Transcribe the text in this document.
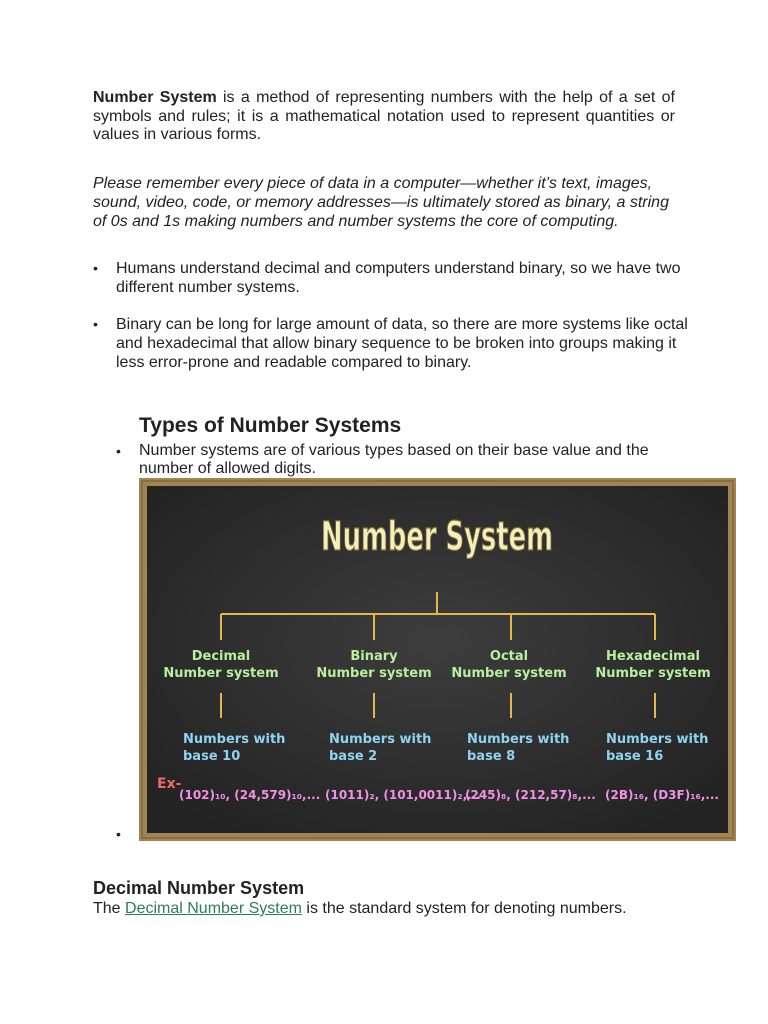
Number System is a method of representing numbers with the help of a set of symbols and rules; it is a mathematical notation used to represent quantities or values in various forms.

Please remember every piece of data in a computer—whether it’s text, images, sound, video, code, or memory addresses—is ultimately stored as binary, a string of 0s and 1s making numbers and number systems the core of computing.

• Humans understand decimal and computers understand binary, so we have two different number systems.
• Binary can be long for large amount of data, so there are more systems like octal and hexadecimal that allow binary sequence to be broken into groups making it less error-prone and readable compared to binary.
Types of Number Systems
• Number systems are of various types based on their base value and the number of allowed digits.
Number System
Decimal
Number system
Binary
Number system
Octal
Number system
Hexadecimal
Number system
Numbers with
base 10
Numbers with
base 2
Numbers with
base 8
Numbers with
base 16
Ex-
(102)₁₀, (24,579)₁₀,... (1011)₂, (101,0011)₂,...
(245)₈, (212,57)₈,... (2B)₁₆, (D3F)₁₆,...
•
Decimal Number System

The Decimal Number System is the standard system for denoting numbers.
